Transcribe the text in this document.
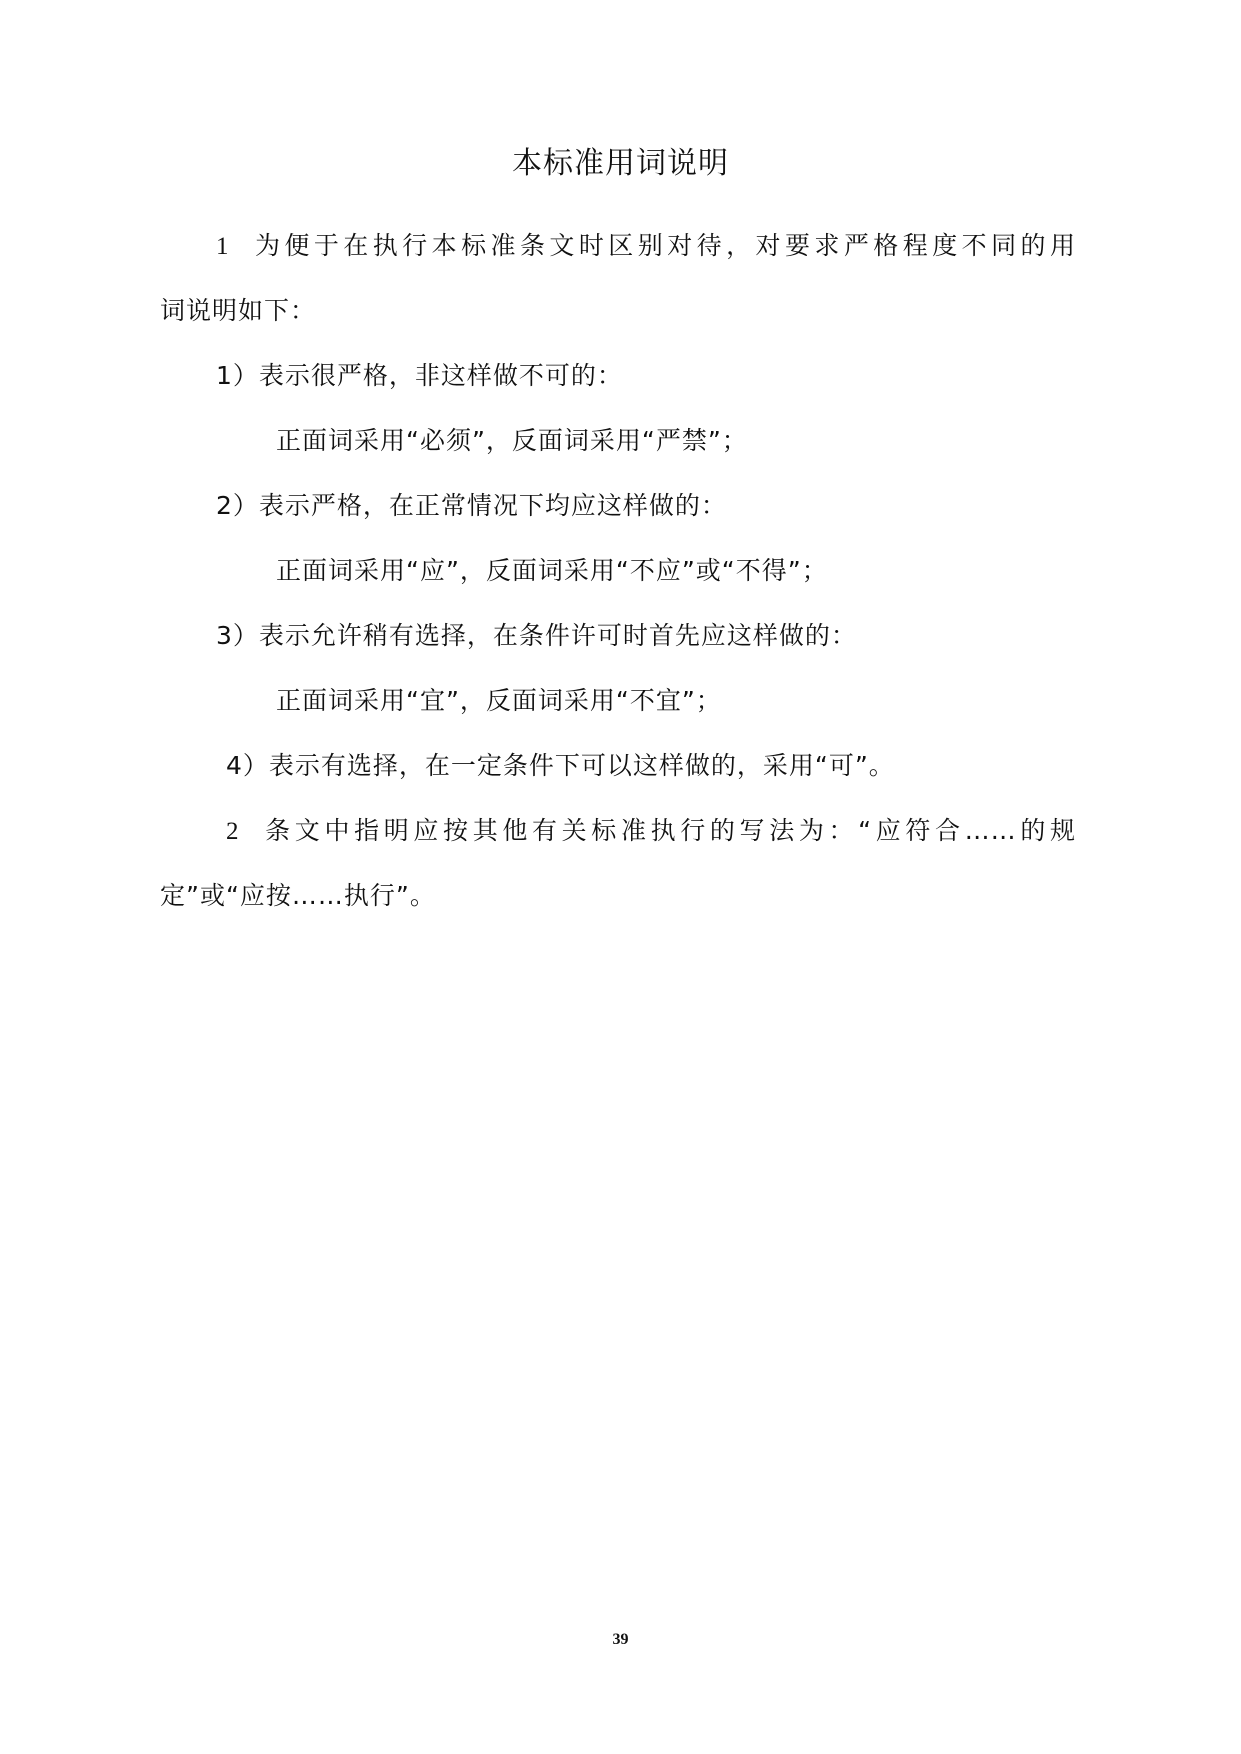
本标准用词说明
1 为便于在执行本标准条文时区别对待，对要求严格程度不同的用
词说明如下：
1）表示很严格，非这样做不可的：
正面词采用“必须”，反面词采用“严禁”；
2）表示严格，在正常情况下均应这样做的：
正面词采用“应”，反面词采用“不应”或“不得”；
3）表示允许稍有选择，在条件许可时首先应这样做的：
正面词采用“宜”，反面词采用“不宜”；
4）表示有选择，在一定条件下可以这样做的，采用“可”。
2 条文中指明应按其他有关标准执行的写法为：“应符合……的规
定”或“应按……执行”。
39
